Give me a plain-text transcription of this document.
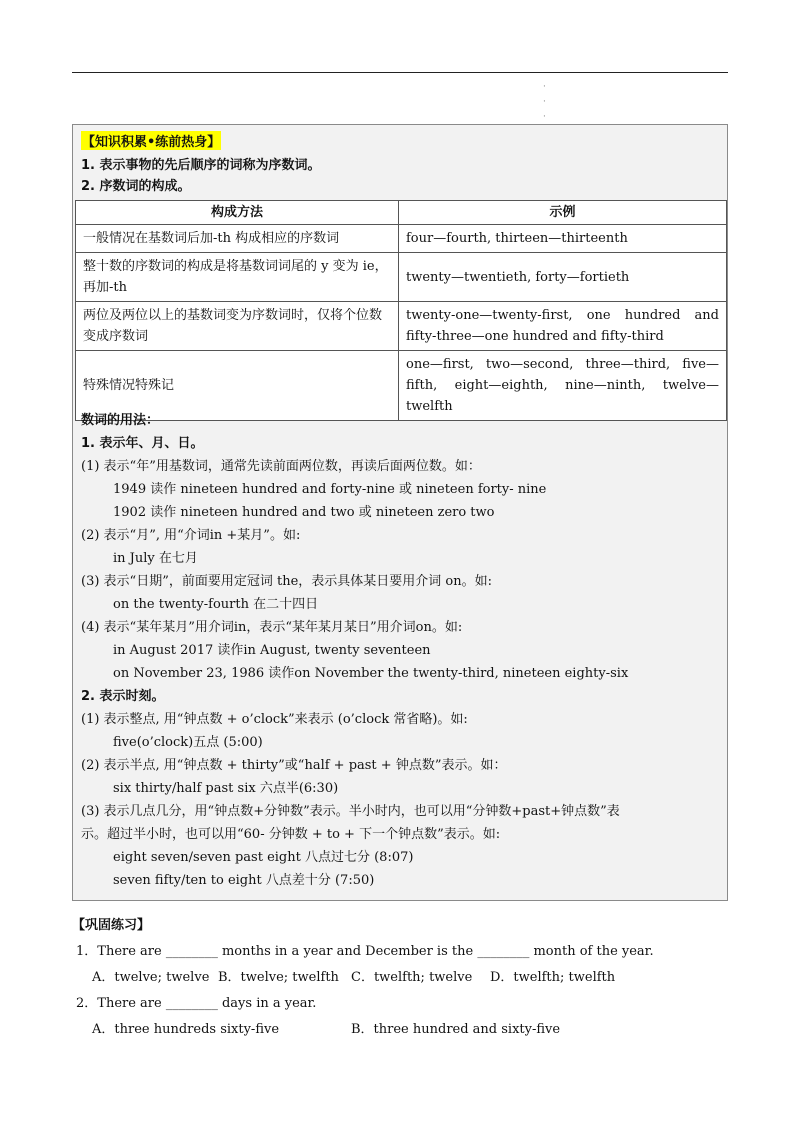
·
·
·
【知识积累•练前热身】
1. 表示事物的先后顺序的词称为序数词。
2. 序数词的构成。
构成方法	示例
一般情况在基数词后加-th 构成相应的序数词	four—fourth, thirteen—thirteenth
整十数的序数词的构成是将基数词词尾的 y 变为 ie，再加-th	twenty—twentieth, forty—fortieth
两位及两位以上的基数词变为序数词时，仅将个位数变成序数词	twenty-one—twenty-first, one hundred and fifty-three—one hundred and fifty-third
特殊情况特殊记	one—first, two—second, three—third, five—fifth, eight—eighth, nine—ninth, twelve—twelfth
数词的用法：
1. 表示年、月、日。
(1) 表示“年”用基数词，通常先读前面两位数，再读后面两位数。如：
1949 读作 nineteen hundred and forty-nine 或 nineteen forty- nine
1902 读作 nineteen hundred and two 或 nineteen zero two
(2) 表示“月”, 用“介词in +某月”。如:
in July 在七月
(3) 表示“日期”，前面要用定冠词 the，表示具体某日要用介词 on。如:
on the twenty-fourth 在二十四日
(4) 表示“某年某月”用介词in，表示“某年某月某日”用介词on。如:
in August 2017 读作in August, twenty seventeen
on November 23, 1986 读作on November the twenty-third, nineteen eighty-six
2. 表示时刻。
(1) 表示整点, 用“钟点数 + o’clock”来表示 (o’clock 常省略)。如:
five(o’clock)五点 (5:00)
(2) 表示半点, 用“钟点数 + thirty”或“half + past + 钟点数”表示。如：
six thirty/half past six 六点半(6:30)
(3) 表示几点几分，用“钟点数+分钟数”表示。半小时内，也可以用“分钟数+past+钟点数”表
示。超过半小时，也可以用“60- 分钟数 + to + 下一个钟点数”表示。如:
eight seven/seven past eight 八点过七分 (8:07)
seven fifty/ten to eight 八点差十分 (7:50)
【巩固练习】
1．There are ________ months in a year and December is the ________ month of the year.
A．twelve; twelve B．twelve; twelfth C．twelfth; twelve D．twelfth; twelfth
2．There are ________ days in a year.
A．three hundreds sixty-five	B．three hundred and sixty-five
